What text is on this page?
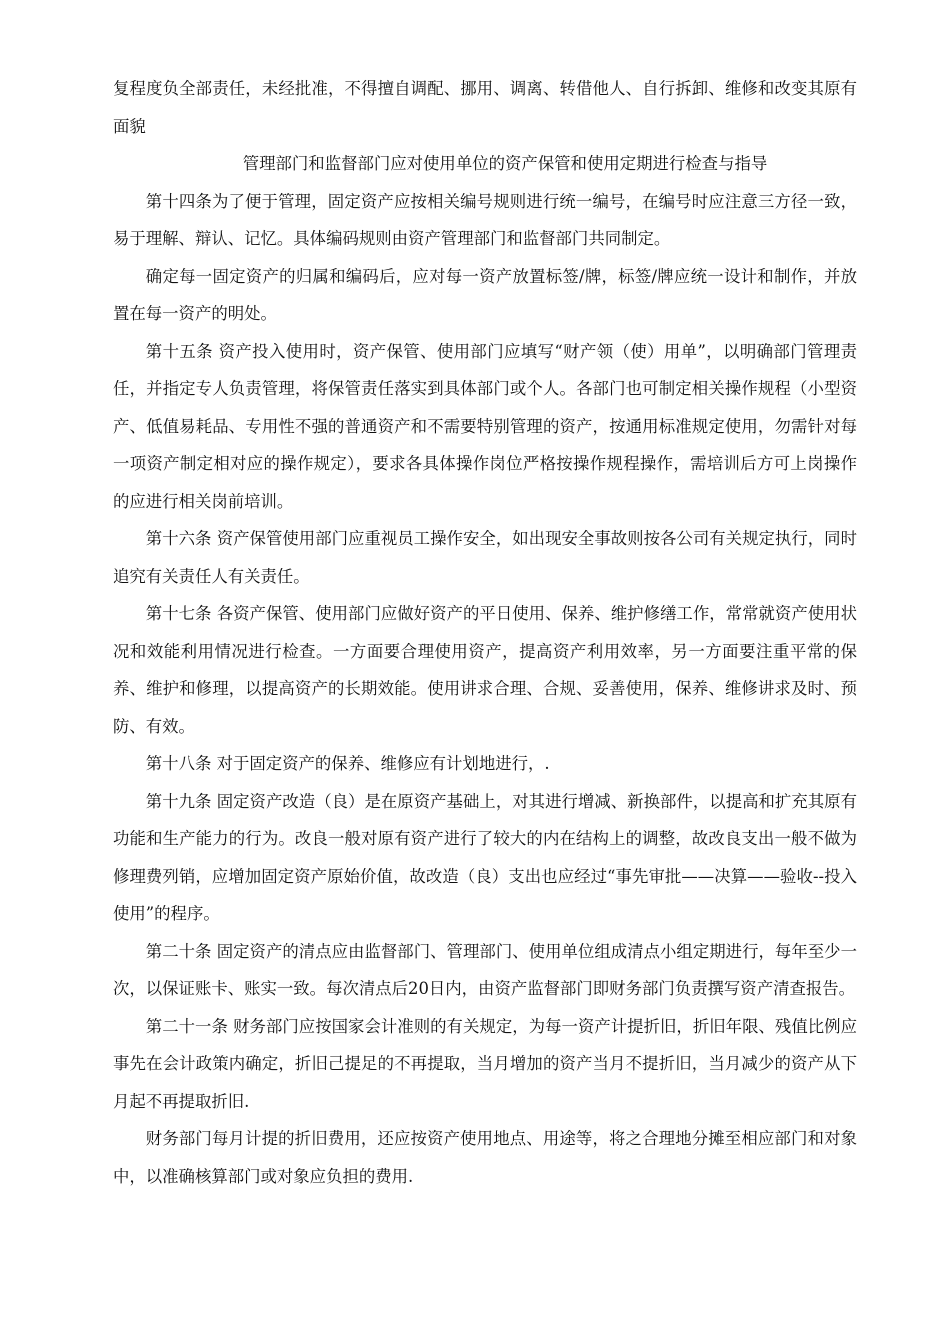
复程度负全部责任，未经批准，不得擅自调配、挪用、调离、转借他人、自行拆卸、维修和改变其原有面貌

管理部门和监督部门应对使用单位的资产保管和使用定期进行检查与指导

第十四条为了便于管理，固定资产应按相关编号规则进行统一编号，在编号时应注意三方径一致，易于理解、辩认、记忆。具体编码规则由资产管理部门和监督部门共同制定。

确定每一固定资产的归属和编码后，应对每一资产放置标签/牌，标签/牌应统一设计和制作，并放置在每一资产的明处。

第十五条 资产投入使用时，资产保管、使用部门应填写“财产领（使）用单”，以明确部门管理责任，并指定专人负责管理，将保管责任落实到具体部门或个人。各部门也可制定相关操作规程（小型资产、低值易耗品、专用性不强的普通资产和不需要特别管理的资产，按通用标准规定使用，勿需针对每一项资产制定相对应的操作规定），要求各具体操作岗位严格按操作规程操作，需培训后方可上岗操作的应进行相关岗前培训。

第十六条 资产保管使用部门应重视员工操作安全，如出现安全事故则按各公司有关规定执行，同时追究有关责任人有关责任。

第十七条 各资产保管、使用部门应做好资产的平日使用、保养、维护修缮工作，常常就资产使用状况和效能利用情况进行检查。一方面要合理使用资产，提高资产利用效率，另一方面要注重平常的保养、维护和修理，以提高资产的长期效能。使用讲求合理、合规、妥善使用，保养、维修讲求及时、预防、有效。

第十八条 对于固定资产的保养、维修应有计划地进行，.

第十九条 固定资产改造（良）是在原资产基础上，对其进行增减、新换部件，以提高和扩充其原有功能和生产能力的行为。改良一般对原有资产进行了较大的内在结构上的调整，故改良支出一般不做为修理费列销，应增加固定资产原始价值，故改造（良）支出也应经过“事先审批——决算——验收--投入使用”的程序。

第二十条 固定资产的清点应由监督部门、管理部门、使用单位组成清点小组定期进行，每年至少一次，以保证账卡、账实一致。每次清点后20日内，由资产监督部门即财务部门负责撰写资产清查报告。

第二十一条 财务部门应按国家会计准则的有关规定，为每一资产计提折旧，折旧年限、残值比例应事先在会计政策内确定，折旧己提足的不再提取，当月增加的资产当月不提折旧，当月减少的资产从下月起不再提取折旧.

财务部门每月计提的折旧费用，还应按资产使用地点、用途等，将之合理地分摊至相应部门和对象中，以准确核算部门或对象应负担的费用.
